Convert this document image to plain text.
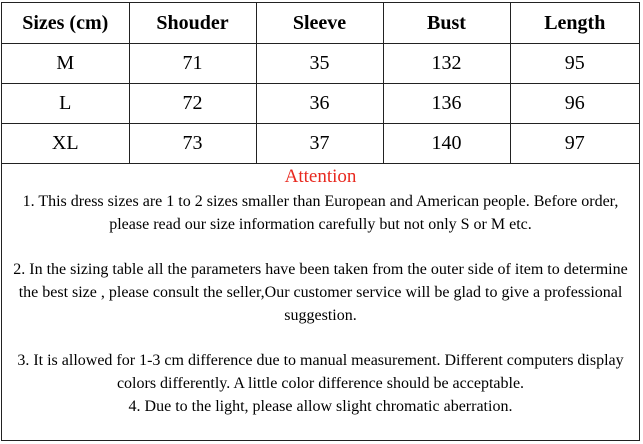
Sizes (cm)	Shouder	Sleeve	Bust	Length
M	71	35	132	95
L	72	36	136	96
XL	73	37	140	97

Attention

1. This dress sizes are 1 to 2 sizes smaller than European and American people. Before order, please read our size information carefully but not only S or M etc.

2. In the sizing table all the parameters have been taken from the outer side of item to determine the best size , please consult the seller,Our customer service will be glad to give a professional suggestion.

3. It is allowed for 1-3 cm difference due to manual measurement. Different computers display colors differently. A little color difference should be acceptable.

4. Due to the light, please allow slight chromatic aberration.
